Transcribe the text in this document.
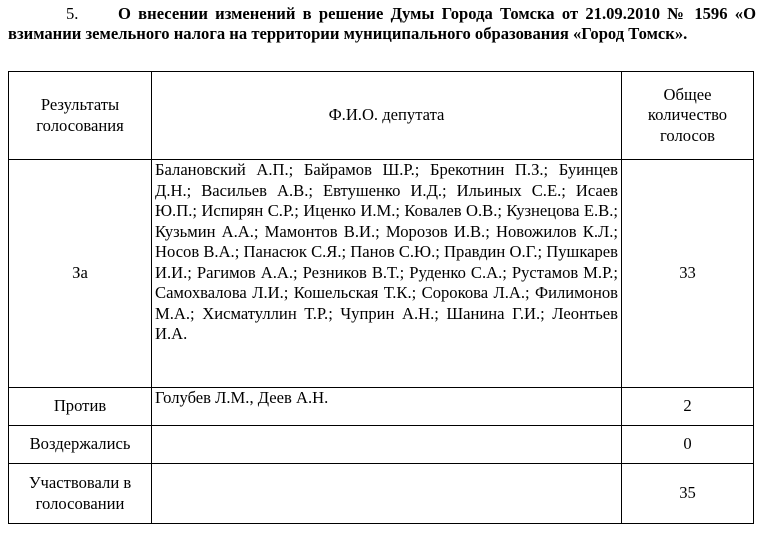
5. О внесении изменений в решение Думы Города Томска от 21.09.2010 № 1596 «О взимании земельного налога на территории муниципального образования «Город Томск».
Результаты голосования	Ф.И.О. депутата	Общее количество голосов
За	Балановский А.П.; Байрамов Ш.Р.; Брекотнин П.З.; Буинцев Д.Н.; Васильев А.В.; Евтушенко И.Д.; Ильиных С.Е.; Исаев Ю.П.; Испирян С.Р.; Иценко И.М.; Ковалев О.В.; Кузнецова Е.В.; Кузьмин А.А.; Мамонтов В.И.; Морозов И.В.; Новожилов К.Л.; Носов В.А.; Панасюк С.Я.; Панов С.Ю.; Правдин О.Г.; Пушкарев И.И.; Рагимов А.А.; Резников В.Т.; Руденко С.А.; Рустамов М.Р.; Самохвалова Л.И.; Кошельская Т.К.; Сорокова Л.А.; Филимонов М.А.; Хисматуллин Т.Р.; Чуприн А.Н.; Шанина Г.И.; Леонтьев И.А.	33
Против	Голубев Л.М., Деев А.Н.	2
Воздержались		0
Участвовали в голосовании		35
